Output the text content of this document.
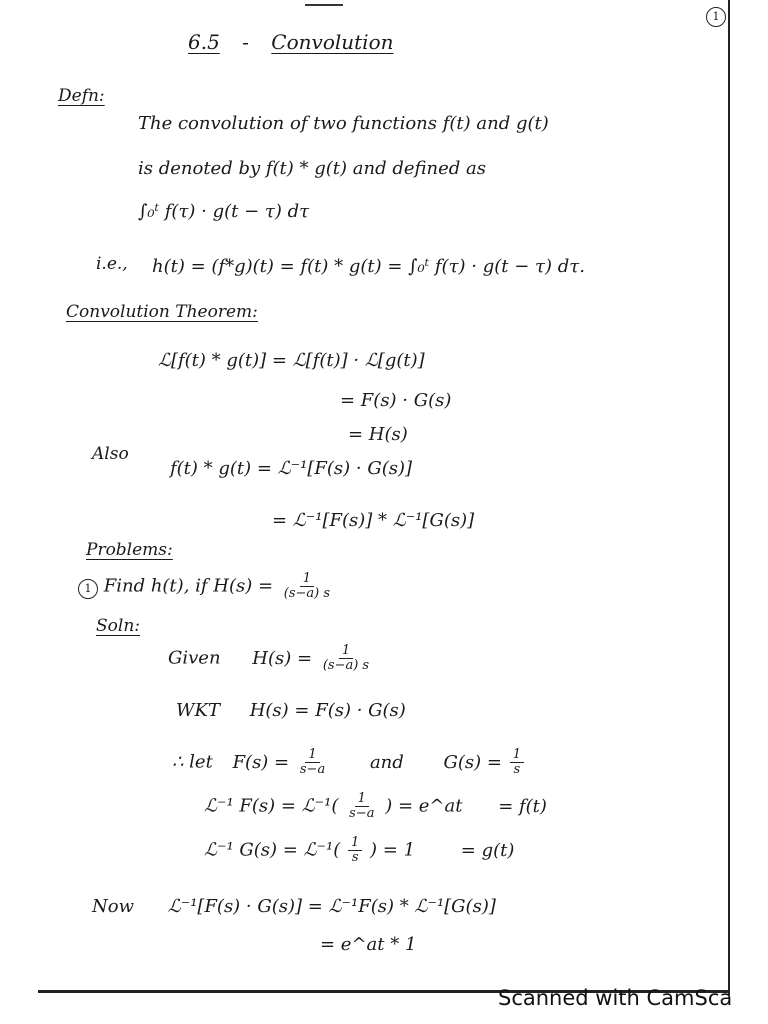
1
6.5 - Convolution
Defn:
The convolution of two functions f(t) and g(t)
is denoted by f(t) * g(t) and defined as
∫₀ᵗ f(τ) · g(t − τ) dτ
i.e., h(t) = (f*g)(t) = f(t) * g(t) = ∫₀ᵗ f(τ) · g(t − τ) dτ.
Convolution Theorem:
ℒ[f(t) * g(t)] = ℒ[f(t)] · ℒ[g(t)]
= F(s) · G(s)
= H(s)
Also
f(t) * g(t) = ℒ⁻¹[F(s) · G(s)]
= ℒ⁻¹[F(s)] * ℒ⁻¹[G(s)]
Problems:
1 Find h(t), if $H(s) = \frac{1}{(s-a) s}$
Soln:
Given $H(s) = \frac{1}{(s-a) s}$
WKT H(s) = F(s) · G(s)
∴ let $F(s) = \frac{1}{s-a}$ and $G(s) = \frac{1}{s}$
ℒ⁻¹ F(s) = ℒ⁻¹( $\frac{1}{s-a}$ ) = e^at = f(t)
ℒ⁻¹ G(s) = ℒ⁻¹( $\frac{1}{s}$ ) = 1	= g(t)
Now ℒ⁻¹[F(s) · G(s)] = ℒ⁻¹F(s) * ℒ⁻¹[G(s)]
= e^at * 1
Scanned with CamSca
